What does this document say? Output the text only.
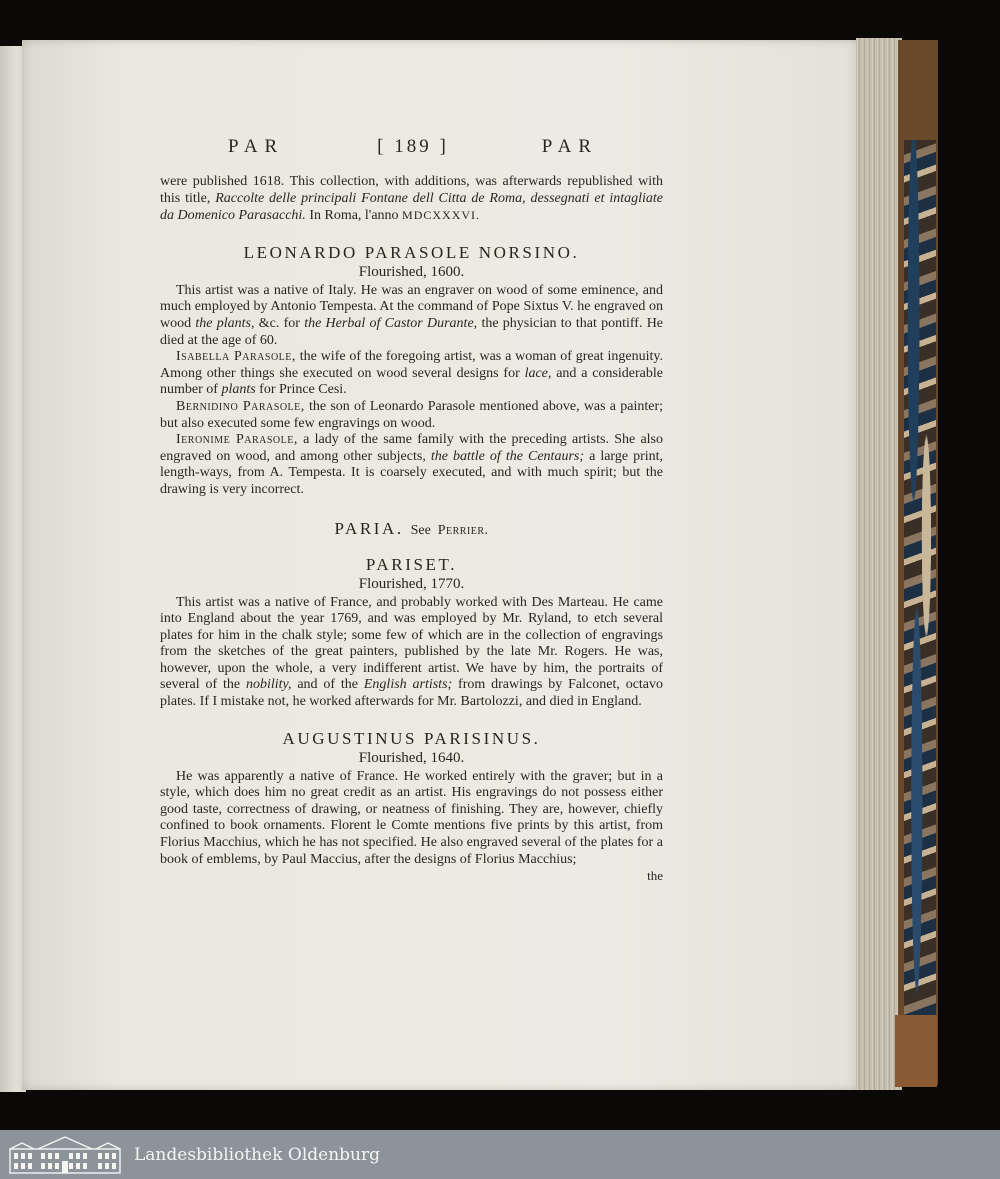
PAR	[ 189 ]	PAR

were published 1618. This collection, with additions, was afterwards republished with this title, Raccolte delle principali Fontane dell Citta de Roma, dessegnati et intagliate da Domenico Parasacchi. In Roma, l'anno MDCXXXVI.

LEONARDO PARASOLE NORSINO.
Flourished, 1600.

This artist was a native of Italy. He was an engraver on wood of some eminence, and much employed by Antonio Tempesta. At the command of Pope Sixtus V. he engraved on wood the plants, &c. for the Herbal of Castor Durante, the physician to that pontiff. He died at the age of 60.

Isabella Parasole, the wife of the foregoing artist, was a woman of great ingenuity. Among other things she executed on wood several designs for lace, and a considerable number of plants for Prince Cesi.

Bernidino Parasole, the son of Leonardo Parasole mentioned above, was a painter; but also executed some few engravings on wood.

Ieronime Parasole, a lady of the same family with the preceding artists. She also engraved on wood, and among other subjects, the battle of the Centaurs; a large print, length-ways, from A. Tempesta. It is coarsely executed, and with much spirit; but the drawing is very incorrect.

PARIA. See Perrier.
PARISET.
Flourished, 1770.

This artist was a native of France, and probably worked with Des Marteau. He came into England about the year 1769, and was employed by Mr. Ryland, to etch several plates for him in the chalk style; some few of which are in the collection of engravings from the sketches of the great painters, published by the late Mr. Rogers. He was, however, upon the whole, a very indifferent artist. We have by him, the portraits of several of the nobility, and of the English artists; from drawings by Falconet, octavo plates. If I mistake not, he worked afterwards for Mr. Bartolozzi, and died in England.

AUGUSTINUS PARISINUS.
Flourished, 1640.

He was apparently a native of France. He worked entirely with the graver; but in a style, which does him no great credit as an artist. His engravings do not possess either good taste, correctness of drawing, or neatness of finishing. They are, however, chiefly confined to book ornaments. Florent le Comte mentions five prints by this artist, from Florius Macchius, which he has not specified. He also engraved several of the plates for a book of emblems, by Paul Maccius, after the designs of Florius Macchius;

the
Landesbibliothek Oldenburg
